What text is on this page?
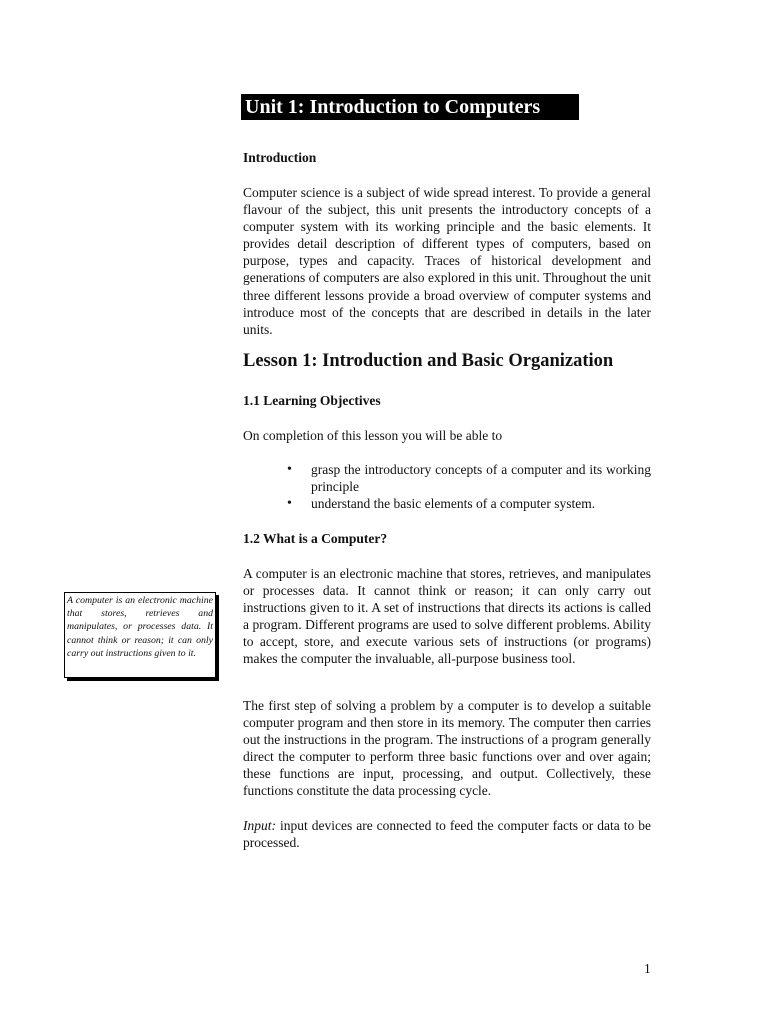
Unit 1: Introduction to Computers
Introduction

Computer science is a subject of wide spread interest. To provide a general flavour of the subject, this unit presents the introductory concepts of a computer system with its working principle and the basic elements. It provides detail description of different types of computers, based on purpose, types and capacity. Traces of historical development and generations of computers are also explored in this unit. Throughout the unit three different lessons provide a broad overview of computer systems and introduce most of the concepts that are described in details in the later units.

Lesson 1: Introduction and Basic Organization
1.1 Learning Objectives

On completion of this lesson you will be able to

• grasp the introductory concepts of a computer and its working principle
• understand the basic elements of a computer system.
1.2 What is a Computer?

A computer is an electronic machine that stores, retrieves, and manipulates or processes data. It cannot think or reason; it can only carry out instructions given to it. A set of instructions that directs its actions is called a program. Different programs are used to solve different problems. Ability to accept, store, and execute various sets of instructions (or programs) makes the computer the invaluable, all-purpose business tool.

The first step of solving a problem by a computer is to develop a suitable computer program and then store in its memory. The computer then carries out the instructions in the program. The instructions of a program generally direct the computer to perform three basic functions over and over again; these functions are input, processing, and output. Collectively, these functions constitute the data processing cycle.

Input: input devices are connected to feed the computer facts or data to be processed.

A computer is an electronic machine that stores, retrieves and manipulates, or processes data. It cannot think or reason; it can only carry out instructions given to it.
1
